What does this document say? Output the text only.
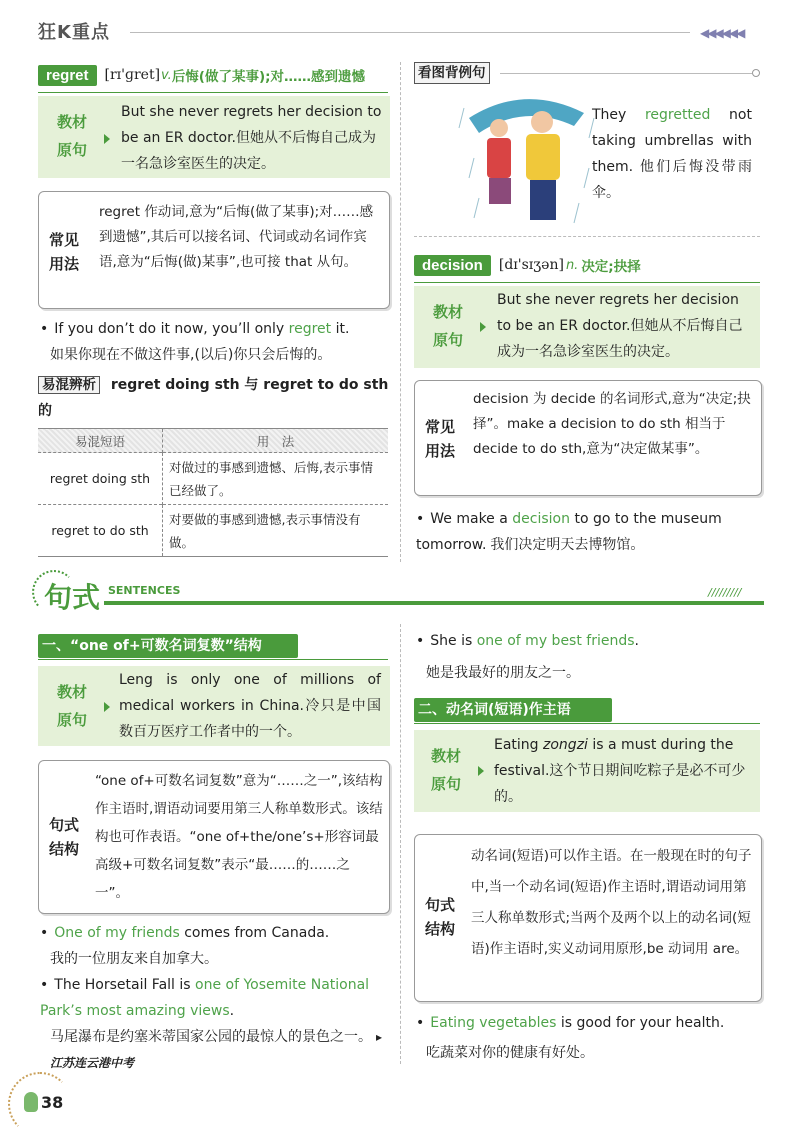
狂K重点	◀◀◀◀◀◀
regret	[rɪ'ɡret] v. 后悔(做了某事);对……感到遗憾
教材
原句
But she never regrets her decision to be an ER doctor.但她从不后悔自己成为一名急诊室医生的决定。
常见
用法
regret 作动词,意为“后悔(做了某事);对……感到遗憾”,其后可以接名词、代词或动名词作宾语,意为“后悔(做)某事”,也可接 that 从句。
• If you don’t do it now, you’ll only regret it.
如果你现在不做这件事,(以后)你只会后悔的。
易混辨析 regret doing sth 与 regret to do sth 的
用法区别
易混短语	用　法
regret doing sth	对做过的事感到遗憾、后悔,表示事情已经做了。
regret to do sth	对要做的事感到遗憾,表示事情没有做。
看图背例句
They regretted not taking umbrellas with them. 他们后悔没带雨伞。
decision	[dɪ'sɪʒən] n. 决定;抉择
教材
原句
But she never regrets her decision to be an ER doctor.但她从不后悔自己成为一名急诊室医生的决定。
常见
用法
decision 为 decide 的名词形式,意为“决定;抉择”。make a decision to do sth 相当于 decide to do sth,意为“决定做某事”。
• We make a decision to go to the museum tomorrow. 我们决定明天去博物馆。
句式 SENTENCES	/////////
一、“one of+可数名词复数”结构
教材
原句
Leng is only one of millions of medical workers in China.冷只是中国数百万医疗工作者中的一个。
句式
结构
“one of+可数名词复数”意为“……之一”,该结构作主语时,谓语动词要用第三人称单数形式。该结构也可作表语。“one of+the/one’s+形容词最高级+可数名词复数”表示“最……的……之一”。
• One of my friends comes from Canada.
我的一位朋友来自加拿大。
• The Horsetail Fall is one of Yosemite National Park’s most amazing views.
马尾瀑布是约塞米蒂国家公园的最惊人的景色之一。 ▸江苏连云港中考
• She is one of my best friends.
她是我最好的朋友之一。
二、动名词(短语)作主语
教材
原句
Eating zongzi is a must during the festival.这个节日期间吃粽子是必不可少的。
句式
结构
动名词(短语)可以作主语。在一般现在时的句子中,当一个动名词(短语)作主语时,谓语动词用第三人称单数形式;当两个及两个以上的动名词(短语)作主语时,实义动词用原形,be 动词用 are。
• Eating vegetables is good for your health.
吃蔬菜对你的健康有好处。
38
